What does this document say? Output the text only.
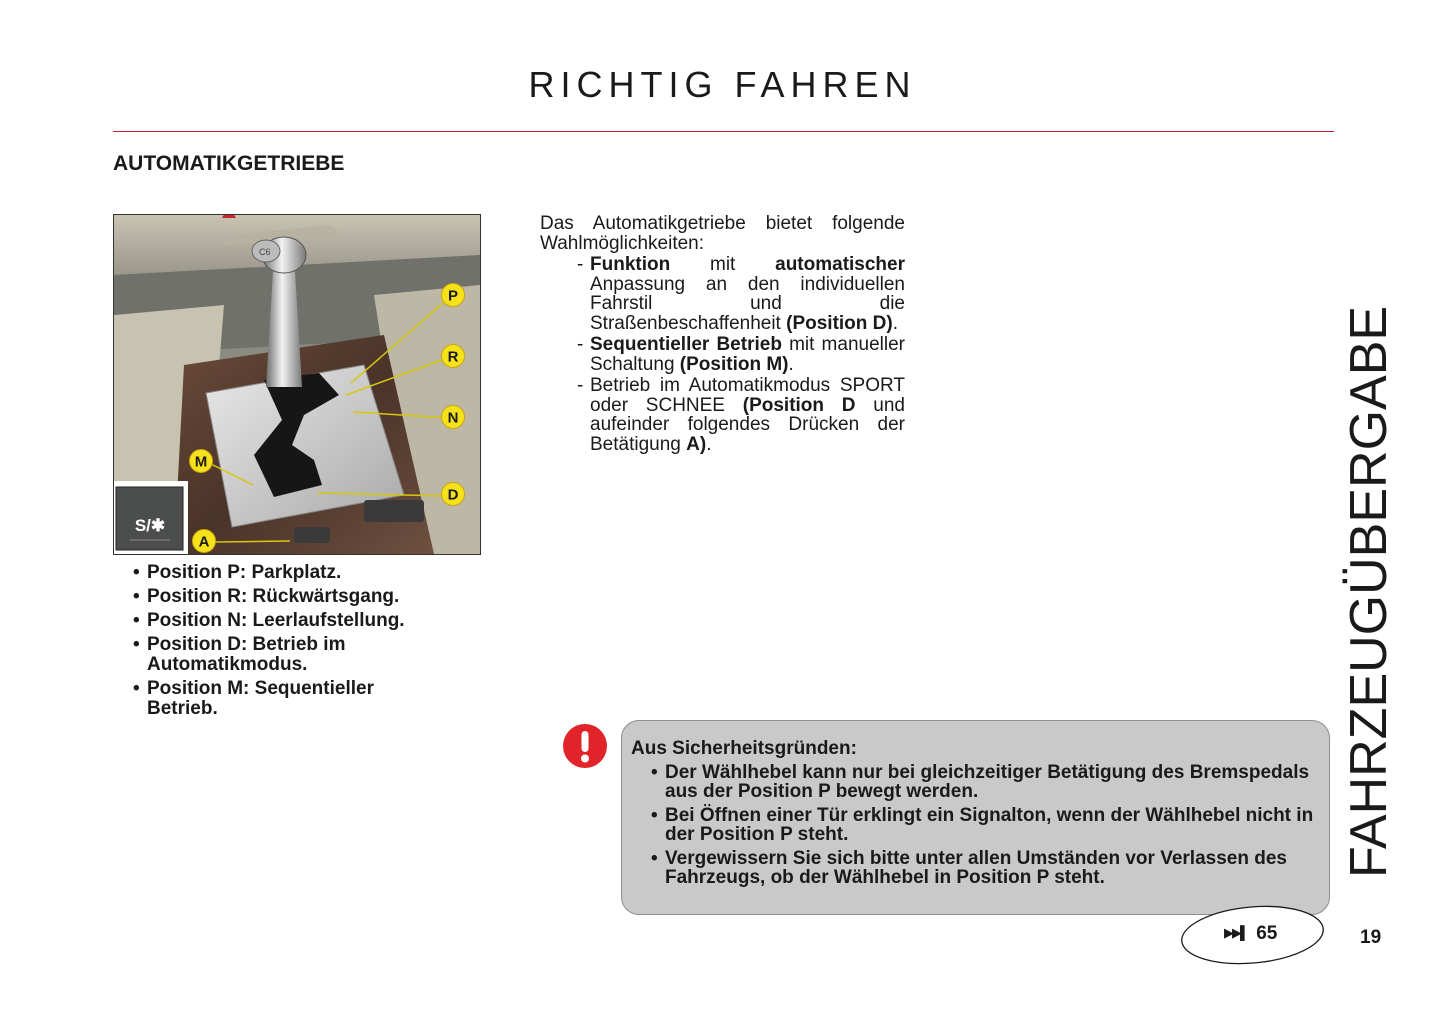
RICHTIG FAHREN
AUTOMATIKGETRIEBE
C6
P
R
N
M
D
S/✱
A
• Position P: Parkplatz.
• Position R: Rückwärtsgang.
• Position N: Leerlaufstellung.
• Position D: Betrieb im Automatikmodus.
• Position M: Sequentieller Betrieb.

Das Automatikgetriebe bietet folgende Wahlmöglichkeiten:

- Funktion mit automatischer Anpassung an den individuellen Fahrstil und die Straßenbeschaffenheit (Position D).
- Sequentieller Betrieb mit manueller Schaltung (Position M).
- Betrieb im Automatikmodus SPORT oder SCHNEE (Position D und aufeinder folgendes Drücken der Betätigung A).
Aus Sicherheitsgründen:
• Der Wählhebel kann nur bei gleichzeitiger Betätigung des Bremspedals aus der Position P bewegt werden.
• Bei Öffnen einer Tür erklingt ein Signalton, wenn der Wählhebel nicht in der Position P steht.
• Vergewissern Sie sich bitte unter allen Umständen vor Verlassen des Fahrzeugs, ob der Wählhebel in Position P steht.	FAHRZEUGÜBERGABE
▶▶▌ 65	19
